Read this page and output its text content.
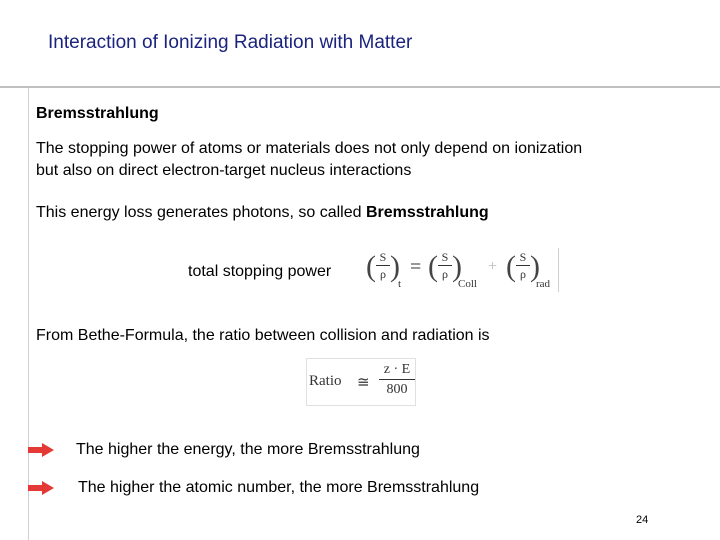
Interaction of Ionizing Radiation with Matter
Bremsstrahlung
The stopping power of atoms or materials does not only depend on ionization
but also on direct electron-target nucleus interactions
This energy loss generates photons, so called Bremsstrahlung
total stopping power ( S
ρ )
t
= ( S
ρ )
Coll
+ ( S
ρ )
rad
From Bethe-Formula, the ratio between collision and radiation is
Ratio ≅
z · E
800
The higher the energy, the more Bremsstrahlung
The higher the atomic number, the more Bremsstrahlung
24
